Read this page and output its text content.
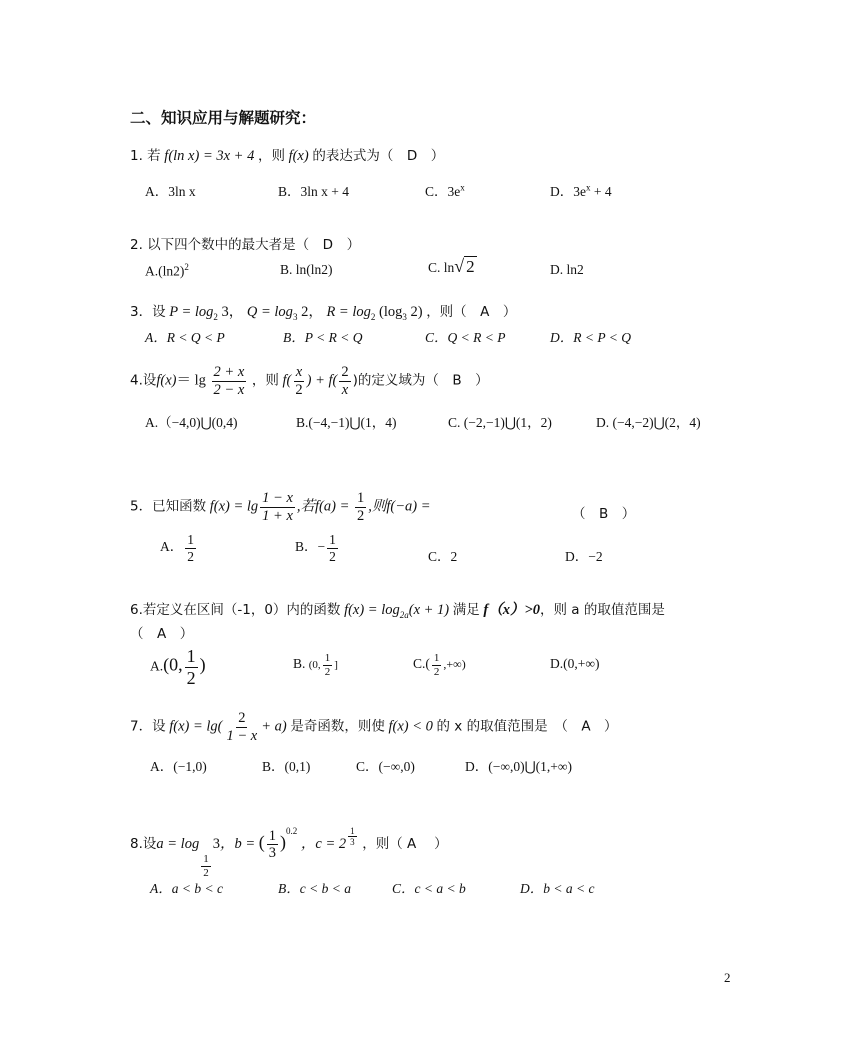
二、知识应用与解题研究：
1. 若 f(ln x) = 3x + 4 ，则 f(x) 的表达式为（　D　）
A．3ln x	B．3ln x + 4	C．$3e^x$	D．$3e^x + 4$
2. 以下四个数中的最大者是（　D　）
$A.(\ln 2)^2$	B. ln(ln2)	C. ln√ 2	D. ln2
3．设 $P = \log_2 3$， $Q = \log_3 2$， $R = \log_2 (\log_3$ 2) ，则（　A　）
A．R < Q < P	B．P < R < Q	C．Q < R < P	D．R < P < Q
4.设$f(x)= \lg \frac{2 + x}{2 - x}$ ，则 $f( \frac{x}{2}$ ) + $f( \frac{2}{x}$ )的定义域为（　B　）
A.（−4,0)⋃(0,4)	B.(−4,−1)⋃(1，4)	C. (−2,−1)⋃(1，2)	D. (−4,−2)⋃(2，4)
5．已知函数 $f(x) = \lg \frac{1 - x}{1 + x}$ ,若$f(a) = \frac{1}{2}$ ,则f(−a) =	（　B　）
A． $\frac{1}{2}$	B．− $\frac{1}{2}$	C．2	D．−2
6.若定义在区间（-1，0）内的函数 $f(x) = \log_{2a}(x + 1)$ 满足 f（x）>0，则 a 的取值范围是
（　A　）
A.(0, $\frac{1}{2}$ )	B. (0, $\frac{1}{2}$ ]	$C.( \frac{1}{2}$ ,+∞)	D.(0,+∞)
7．设 $f(x) = \lg( \frac{2}{1 - x} + a)$ 是奇函数，则使 f(x) < 0 的 x 的取值范围是　（　A　）
A．(−1,0)	B．(0,1)	C．(−∞,0)	D．(−∞,0)⋃(1,+∞)
8.设a = log
$\frac{1}{2}$
3，b = ( $\frac{1}{3} )^{0.2}$ ，$c = 2 \frac{1}{3}$ ，则（ A　 ）
A．a < b < c	B．c < b < a	C．c < a < b	D．b < a < c
2
